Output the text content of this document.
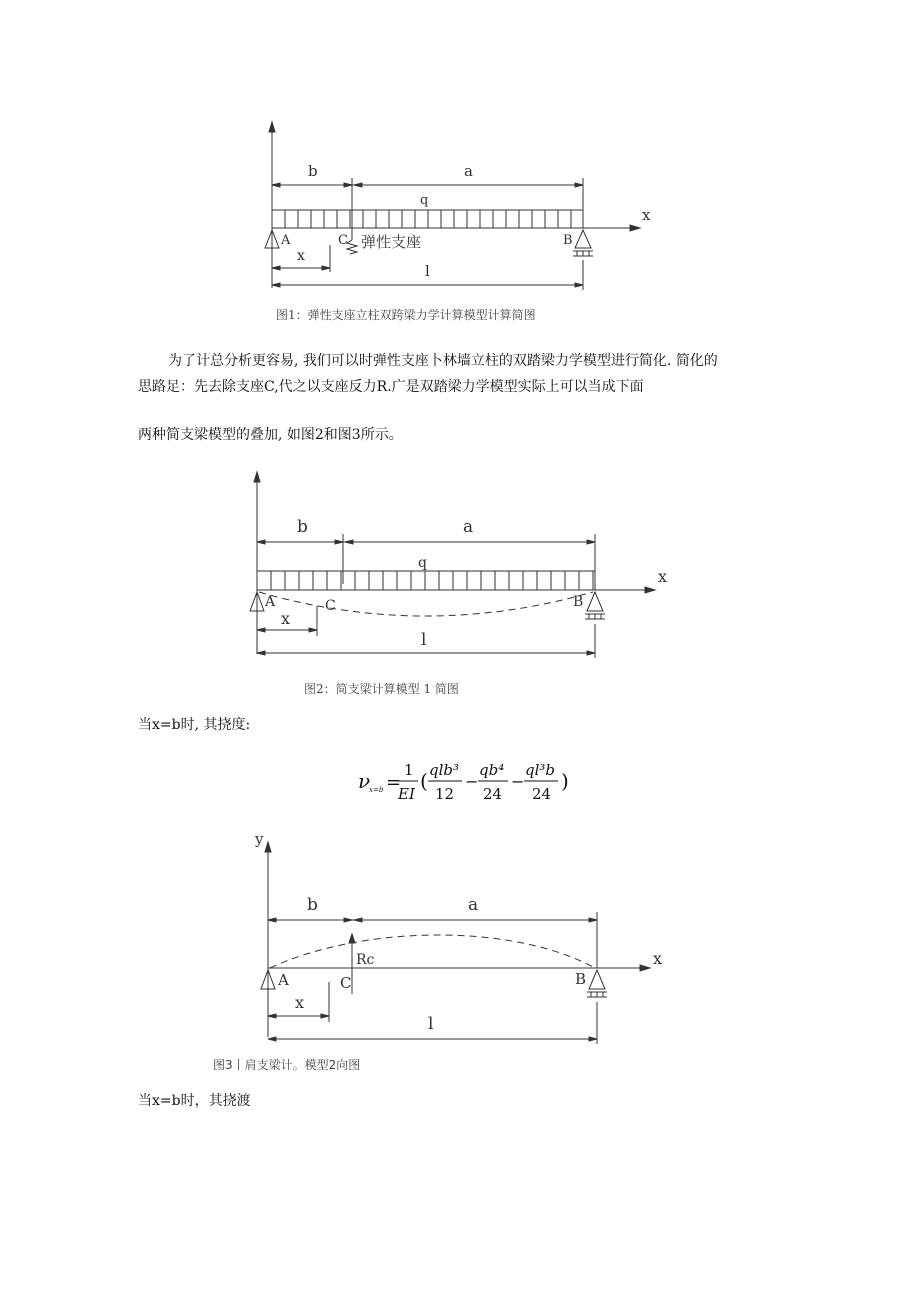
b	a
q
x
A	C 弹性支座	B
x
l
图1：弹性支座立柱双跨梁力学计算模型计算简图
为了计总分析更容易, 我们可以时弹性支座卜林墙立柱的双踏梁力学模型进行简化. 简化的
思路足：先去除支座C,代之以支座反力R.广是双踏梁力学模型实际上可以当成下面
两种简支梁模型的叠加, 如图2和图3所示。
b	a
q
x
A	C	B
x
l
图2：简支梁计算模型 1 简图
当x=b时, 其挠度:
ν
x=b =
1
EI
( qlb³
12
−
qb⁴
24
−
ql³b
24
)
y
b	a
x
Rc
A	C	B
x
l
图3丨肩支梁计。模型2向图
当x=b时，其挠渡
